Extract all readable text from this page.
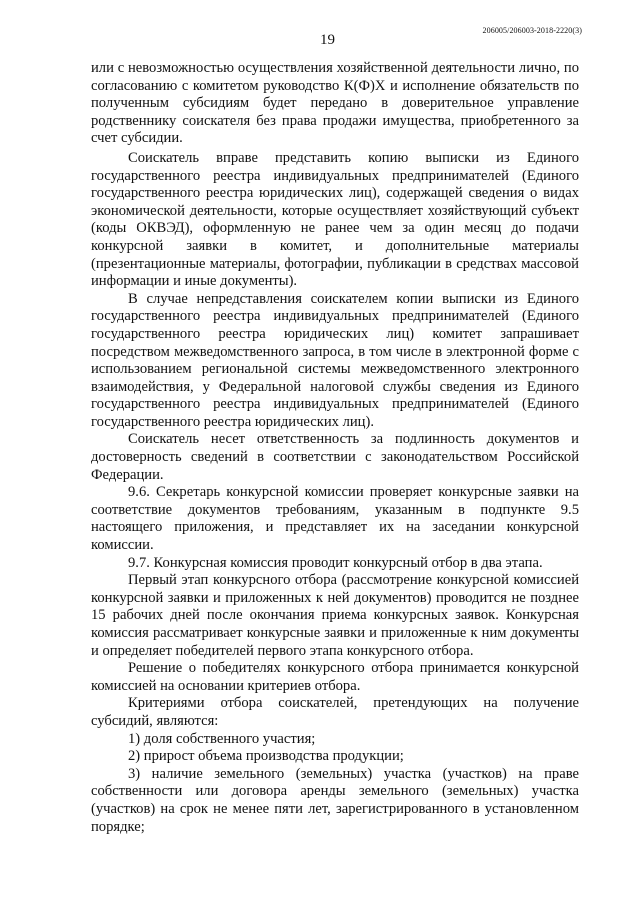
19
206005/206003-2018-2220(3)

или с невозможностью осуществления хозяйственной деятельности лично, по согласованию с комитетом руководство К(Ф)Х и исполнение обязательств по полученным субсидиям будет передано в доверительное управление родственнику соискателя без права продажи имущества, приобретенного за счет субсидии.

Соискатель вправе представить копию выписки из Единого государственного реестра индивидуальных предпринимателей (Единого государственного реестра юридических лиц), содержащей сведения о видах экономической деятельности, которые осуществляет хозяйствующий субъект (коды ОКВЭД), оформленную не ранее чем за один месяц до подачи конкурсной заявки в комитет, и дополнительные материалы (презентационные материалы, фотографии, публикации в средствах массовой информации и иные документы).

В случае непредставления соискателем копии выписки из Единого государственного реестра индивидуальных предпринимателей (Единого государственного реестра юридических лиц) комитет запрашивает посредством межведомственного запроса, в том числе в электронной форме с использованием региональной системы межведомственного электронного взаимодействия, у Федеральной налоговой службы сведения из Единого государственного реестра индивидуальных предпринимателей (Единого государственного реестра юридических лиц).

Соискатель несет ответственность за подлинность документов и достоверность сведений в соответствии с законодательством Российской Федерации.

9.6. Секретарь конкурсной комиссии проверяет конкурсные заявки на соответствие документов требованиям, указанным в подпункте 9.5 настоящего приложения, и представляет их на заседании конкурсной комиссии.

9.7. Конкурсная комиссия проводит конкурсный отбор в два этапа.

Первый этап конкурсного отбора (рассмотрение конкурсной комиссией конкурсной заявки и приложенных к ней документов) проводится не позднее 15 рабочих дней после окончания приема конкурсных заявок. Конкурсная комиссия рассматривает конкурсные заявки и приложенные к ним документы и определяет победителей первого этапа конкурсного отбора.

Решение о победителях конкурсного отбора принимается конкурсной комиссией на основании критериев отбора.

Критериями отбора соискателей, претендующих на получение субсидий, являются:

1) доля собственного участия;

2) прирост объема производства продукции;

3) наличие земельного (земельных) участка (участков) на праве собственности или договора аренды земельного (земельных) участка (участков) на срок не менее пяти лет, зарегистрированного в установленном порядке;
